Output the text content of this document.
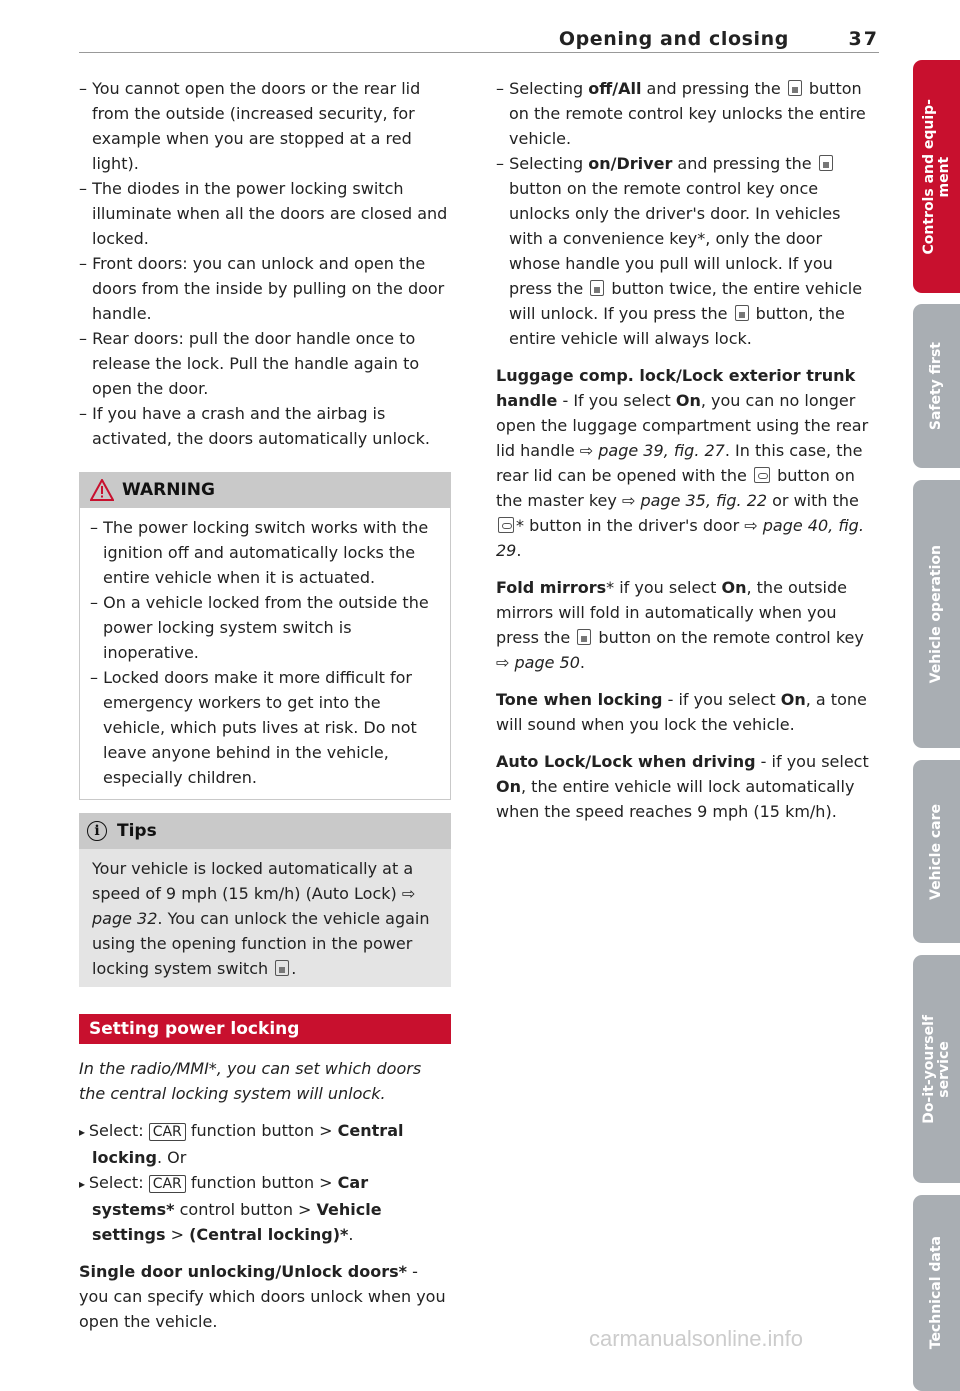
Opening and closing	37
– You cannot open the doors or the rear lid from the outside (increased security, for example when you are stopped at a red light).
– The diodes in the power locking switch illuminate when all the doors are closed and locked.
– Front doors: you can unlock and open the doors from the inside by pulling on the door handle.
– Rear doors: pull the door handle once to release the lock. Pull the handle again to open the door.
– If you have a crash and the airbag is activated, the doors automatically unlock.
WARNING
– The power locking switch works with the ignition off and automatically locks the entire vehicle when it is actuated.
– On a vehicle locked from the outside the power locking system switch is inoperative.
– Locked doors make it more difficult for emergency workers to get into the vehicle, which puts lives at risk. Do not leave anyone behind in the vehicle, especially children.
i	Tips
Your vehicle is locked automatically at a speed of 9 mph (15 km/h) (Auto Lock) ⇨ page 32. You can unlock the vehicle again using the opening function in the power locking system switch .
Setting power locking
In the radio/MMI*, you can set which doors the central locking system will unlock.
▸ Select: CAR function button > Central locking. Or
▸ Select: CAR function button > Car systems* control button > Vehicle settings > (Central locking)*.
Single door unlocking/Unlock doors* - you can specify which doors unlock when you open the vehicle.
– Selecting off/All and pressing the  button on the remote control key unlocks the entire vehicle.
– Selecting on/Driver and pressing the  button on the remote control key once unlocks only the driver's door. In vehicles with a convenience key*, only the door whose handle you pull will unlock. If you press the  button twice, the entire vehicle will unlock. If you press the  button, the entire vehicle will always lock.
Luggage comp. lock/Lock exterior trunk handle - If you select On, you can no longer open the luggage compartment using the rear lid handle ⇨ page 39, fig. 27. In this case, the rear lid can be opened with the  button on the master key ⇨ page 35, fig. 22 or with the * button in the driver's door ⇨ page 40, fig. 29.
Fold mirrors* if you select On, the outside mirrors will fold in automatically when you press the  button on the remote control key ⇨ page 50.
Tone when locking - if you select On, a tone will sound when you lock the vehicle.
Auto Lock/Lock when driving - if you select On, the entire vehicle will lock automatically when the speed reaches 9 mph (15 km/h).
Controls and equip-
ment
Safety first
Vehicle operation
Vehicle care
Do-it-yourself
service
Technical data
carmanualsonline.info
